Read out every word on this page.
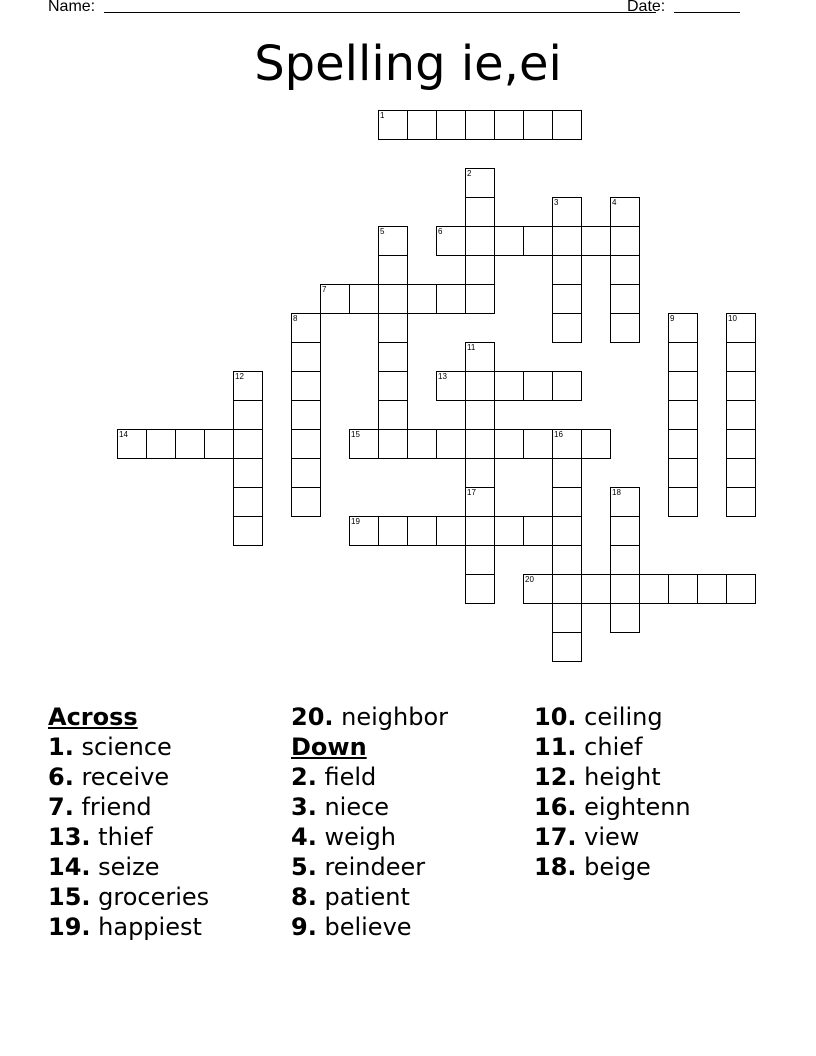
Name:	Date:
Spelling ie,ei
1
2
3	4
5	6
7
8	9	10
11
12	13
14	15	16
17	18
19
20
Across
1. science
6. receive
7. friend
13. thief
14. seize
15. groceries
19. happiest
20. neighbor
Down
2. field
3. niece
4. weigh
5. reindeer
8. patient
9. believe
10. ceiling
11. chief
12. height
16. eightenn
17. view
18. beige
